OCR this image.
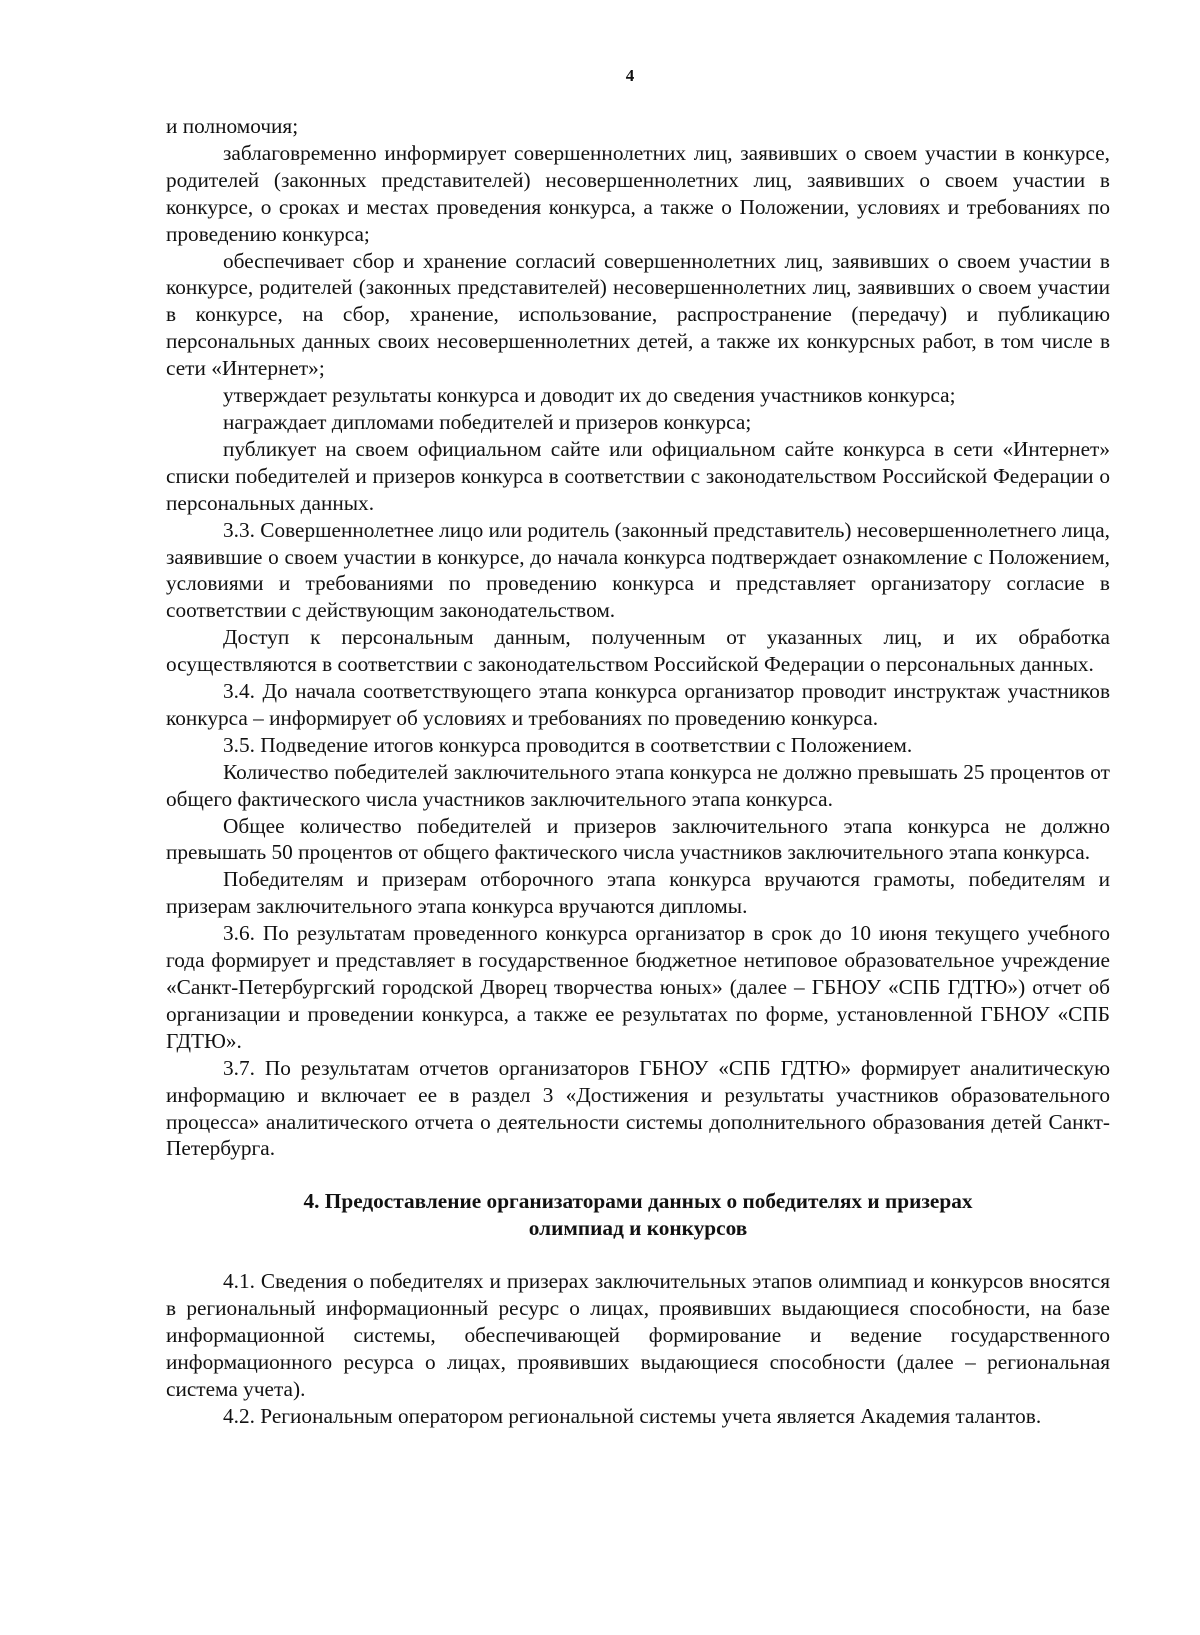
4

и полномочия;

заблаговременно информирует совершеннолетних лиц, заявивших о своем участии в конкурсе, родителей (законных представителей) несовершеннолетних лиц, заявивших о своем участии в конкурсе, о сроках и местах проведения конкурса, а также о Положении, условиях и требованиях по проведению конкурса;

обеспечивает сбор и хранение согласий совершеннолетних лиц, заявивших о своем участии в конкурсе, родителей (законных представителей) несовершеннолетних лиц, заявивших о своем участии в конкурсе, на сбор, хранение, использование, распространение (передачу) и публикацию персональных данных своих несовершеннолетних детей, а также их конкурсных работ, в том числе в сети «Интернет»;

утверждает результаты конкурса и доводит их до сведения участников конкурса;

награждает дипломами победителей и призеров конкурса;

публикует на своем официальном сайте или официальном сайте конкурса в сети «Интернет» списки победителей и призеров конкурса в соответствии с законодательством Российской Федерации о персональных данных.

3.3. Совершеннолетнее лицо или родитель (законный представитель) несовершеннолетнего лица, заявившие о своем участии в конкурсе, до начала конкурса подтверждает ознакомление с Положением, условиями и требованиями по проведению конкурса и представляет организатору согласие в соответствии с действующим законодательством.

Доступ к персональным данным, полученным от указанных лиц, и их обработка осуществляются в соответствии с законодательством Российской Федерации о персональных данных.

3.4. До начала соответствующего этапа конкурса организатор проводит инструктаж участников конкурса – информирует об условиях и требованиях по проведению конкурса.

3.5. Подведение итогов конкурса проводится в соответствии с Положением.

Количество победителей заключительного этапа конкурса не должно превышать 25 процентов от общего фактического числа участников заключительного этапа конкурса.

Общее количество победителей и призеров заключительного этапа конкурса не должно превышать 50 процентов от общего фактического числа участников заключительного этапа конкурса.

Победителям и призерам отборочного этапа конкурса вручаются грамоты, победителям и призерам заключительного этапа конкурса вручаются дипломы.

3.6. По результатам проведенного конкурса организатор в срок до 10 июня текущего учебного года формирует и представляет в государственное бюджетное нетиповое образовательное учреждение «Санкт-Петербургский городской Дворец творчества юных» (далее – ГБНОУ «СПБ ГДТЮ») отчет об организации и проведении конкурса, а также ее результатах по форме, установленной ГБНОУ «СПБ ГДТЮ».

3.7. По результатам отчетов организаторов ГБНОУ «СПБ ГДТЮ» формирует аналитическую информацию и включает ее в раздел 3 «Достижения и результаты участников образовательного процесса» аналитического отчета о деятельности системы дополнительного образования детей Санкт-Петербурга.

4. Предоставление организаторами данных о победителях и призерах
олимпиад и конкурсов

4.1. Сведения о победителях и призерах заключительных этапов олимпиад и конкурсов вносятся в региональный информационный ресурс о лицах, проявивших выдающиеся способности, на базе информационной системы, обеспечивающей формирование и ведение государственного информационного ресурса о лицах, проявивших выдающиеся способности (далее – региональная система учета).

4.2. Региональным оператором региональной системы учета является Академия талантов.
